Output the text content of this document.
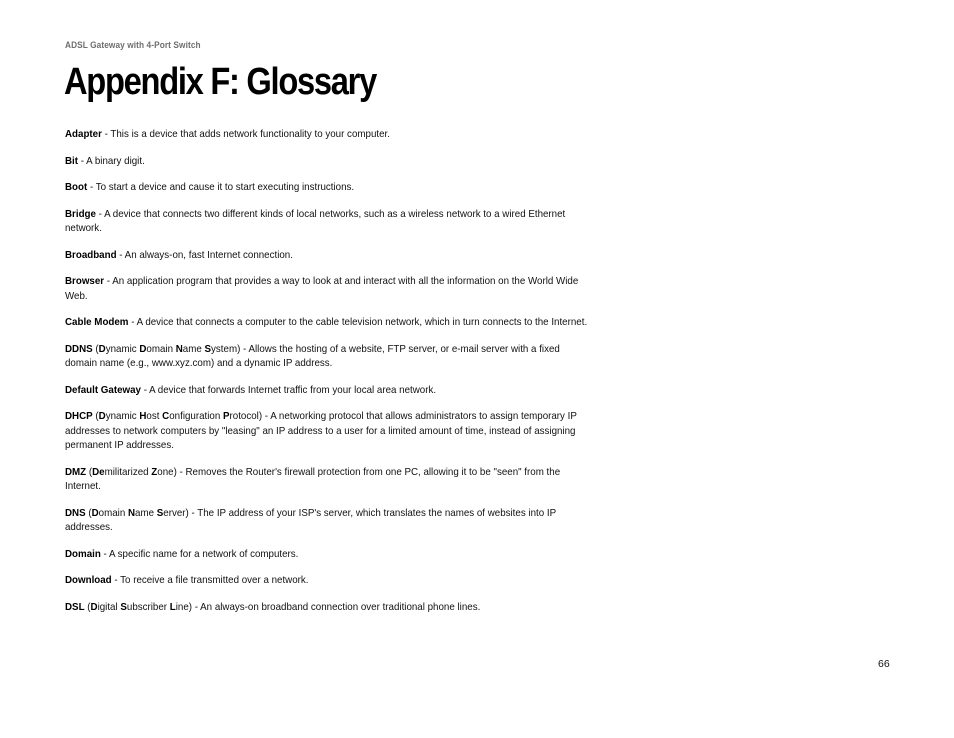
ADSL Gateway with 4-Port Switch
Appendix F: Glossary
Adapter - This is a device that adds network functionality to your computer.
Bit - A binary digit.
Boot - To start a device and cause it to start executing instructions.
Bridge - A device that connects two different kinds of local networks, such as a wireless network to a wired Ethernet network.
Broadband - An always-on, fast Internet connection.
Browser - An application program that provides a way to look at and interact with all the information on the World Wide Web.
Cable Modem - A device that connects a computer to the cable television network, which in turn connects to the Internet.
DDNS (Dynamic Domain Name System) - Allows the hosting of a website, FTP server, or e-mail server with a fixed domain name (e.g., www.xyz.com) and a dynamic IP address.
Default Gateway - A device that forwards Internet traffic from your local area network.
DHCP (Dynamic Host Configuration Protocol) - A networking protocol that allows administrators to assign temporary IP addresses to network computers by "leasing" an IP address to a user for a limited amount of time, instead of assigning permanent IP addresses.
DMZ (Demilitarized Zone) - Removes the Router's firewall protection from one PC, allowing it to be "seen" from the Internet.
DNS (Domain Name Server) - The IP address of your ISP's server, which translates the names of websites into IP addresses.
Domain - A specific name for a network of computers.
Download - To receive a file transmitted over a network.
DSL (Digital Subscriber Line) - An always-on broadband connection over traditional phone lines.
66
